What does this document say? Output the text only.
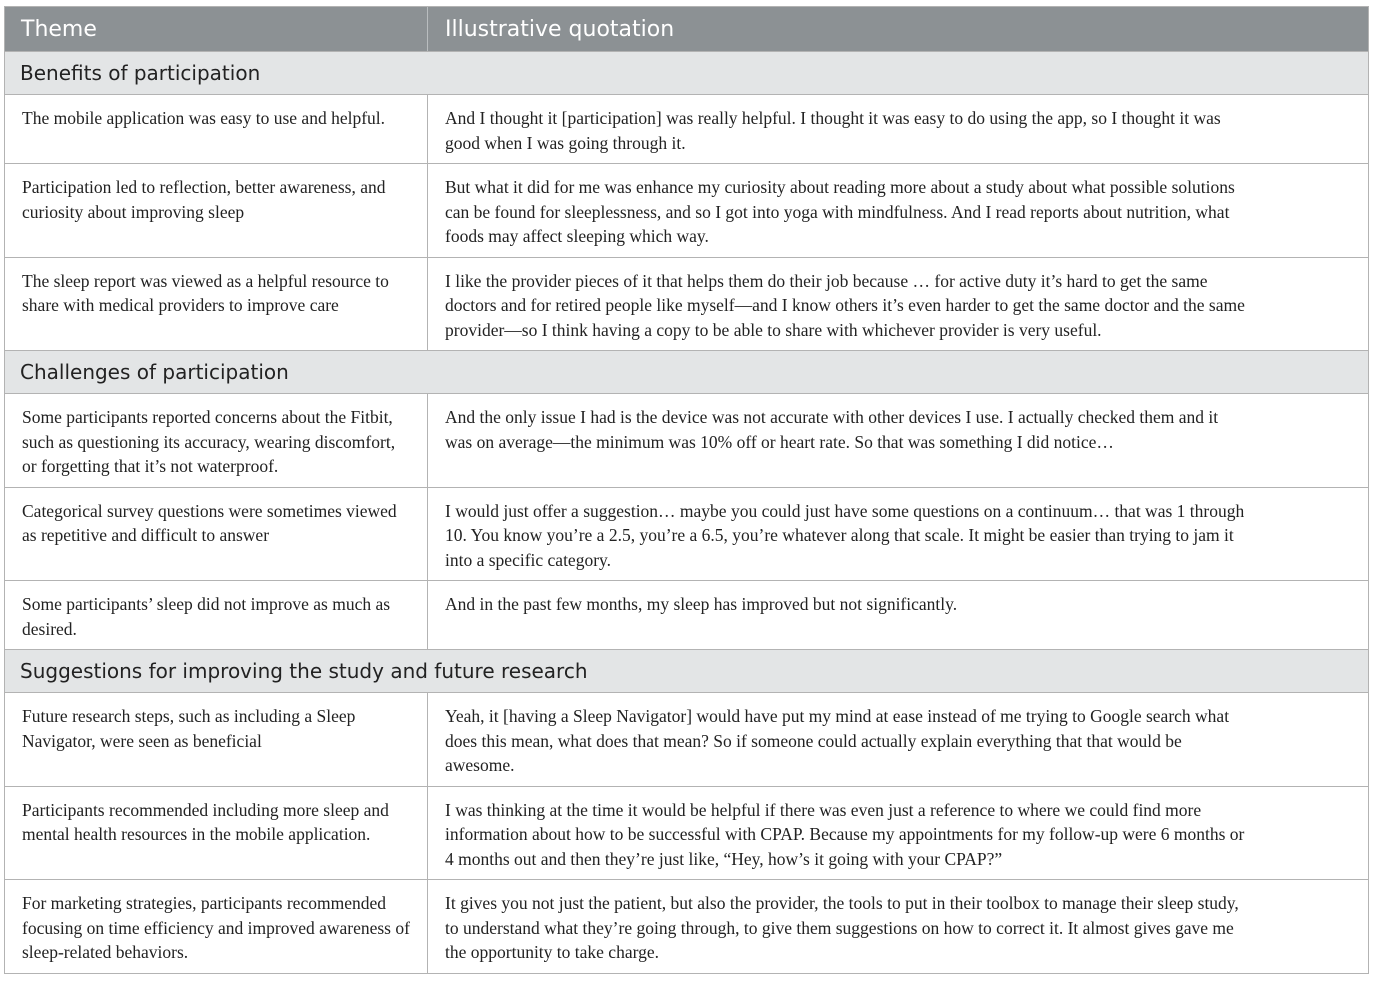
Theme	Illustrative quotation
Benefits of participation
The mobile application was easy to use and helpful.	And I thought it [participation] was really helpful. I thought it was easy to do using the app, so I thought it was good when I was going through it.
Participation led to reflection, better awareness, and curiosity about improving sleep
But what it did for me was enhance my curiosity about reading more about a study about what possible solutions can be found for sleeplessness, and so I got into yoga with mindfulness. And I read reports about nutrition, what foods may affect sleeping which way.
The sleep report was viewed as a helpful resource to share with medical providers to improve care
I like the provider pieces of it that helps them do their job because … for active duty it’s hard to get the same doctors and for retired people like myself—and I know others it’s even harder to get the same doctor and the same provider—so I think having a copy to be able to share with whichever provider is very useful.
Challenges of participation
Some participants reported concerns about the Fitbit, such as questioning its accuracy, wearing discomfort, or forgetting that it’s not waterproof.
And the only issue I had is the device was not accurate with other devices I use. I actually checked them and it was on average—the minimum was 10% off or heart rate. So that was something I did notice…
Categorical survey questions were sometimes viewed as repetitive and difficult to answer
I would just offer a suggestion… maybe you could just have some questions on a continuum… that was 1 through 10. You know you’re a 2.5, you’re a 6.5, you’re whatever along that scale. It might be easier than trying to jam it into a specific category.
Some participants’ sleep did not improve as much as desired.
And in the past few months, my sleep has improved but not significantly.
Suggestions for improving the study and future research
Future research steps, such as including a Sleep Navigator, were seen as beneficial
Yeah, it [having a Sleep Navigator] would have put my mind at ease instead of me trying to Google search what does this mean, what does that mean? So if someone could actually explain everything that that would be awesome.
Participants recommended including more sleep and mental health resources in the mobile application.
I was thinking at the time it would be helpful if there was even just a reference to where we could find more information about how to be successful with CPAP. Because my appointments for my follow-up were 6 months or 4 months out and then they’re just like, “Hey, how’s it going with your CPAP?”
For marketing strategies, participants recommended focusing on time efficiency and improved awareness of sleep-related behaviors.
It gives you not just the patient, but also the provider, the tools to put in their toolbox to manage their sleep study, to understand what they’re going through, to give them suggestions on how to correct it. It almost gives gave me the opportunity to take charge.
